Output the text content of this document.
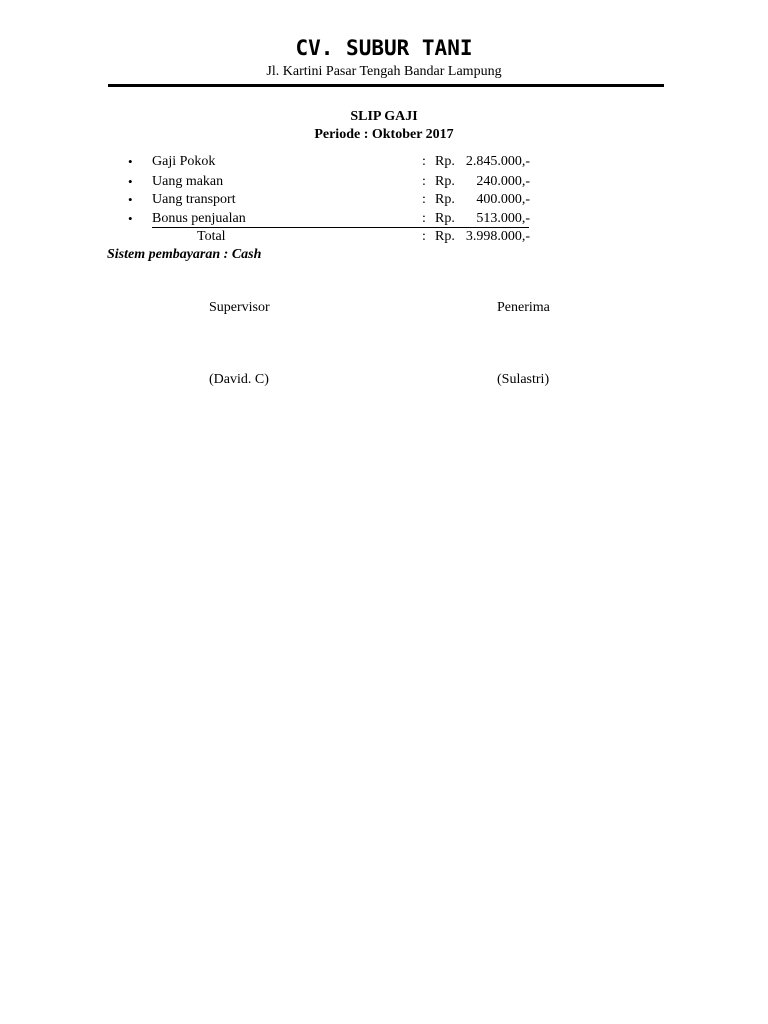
CV. SUBUR TANI
Jl. Kartini Pasar Tengah Bandar Lampung
SLIP GAJI
Periode : Oktober 2017
• Gaji Pokok	: Rp. 2.845.000,-
• Uang makan	: Rp.	240.000,-
• Uang transport	: Rp.	400.000,-
• Bonus penjualan	: Rp.	513.000,-
Total	: Rp. 3.998.000,-
Sistem pembayaran : Cash
Supervisor	Penerima
(David. C)	(Sulastri)
